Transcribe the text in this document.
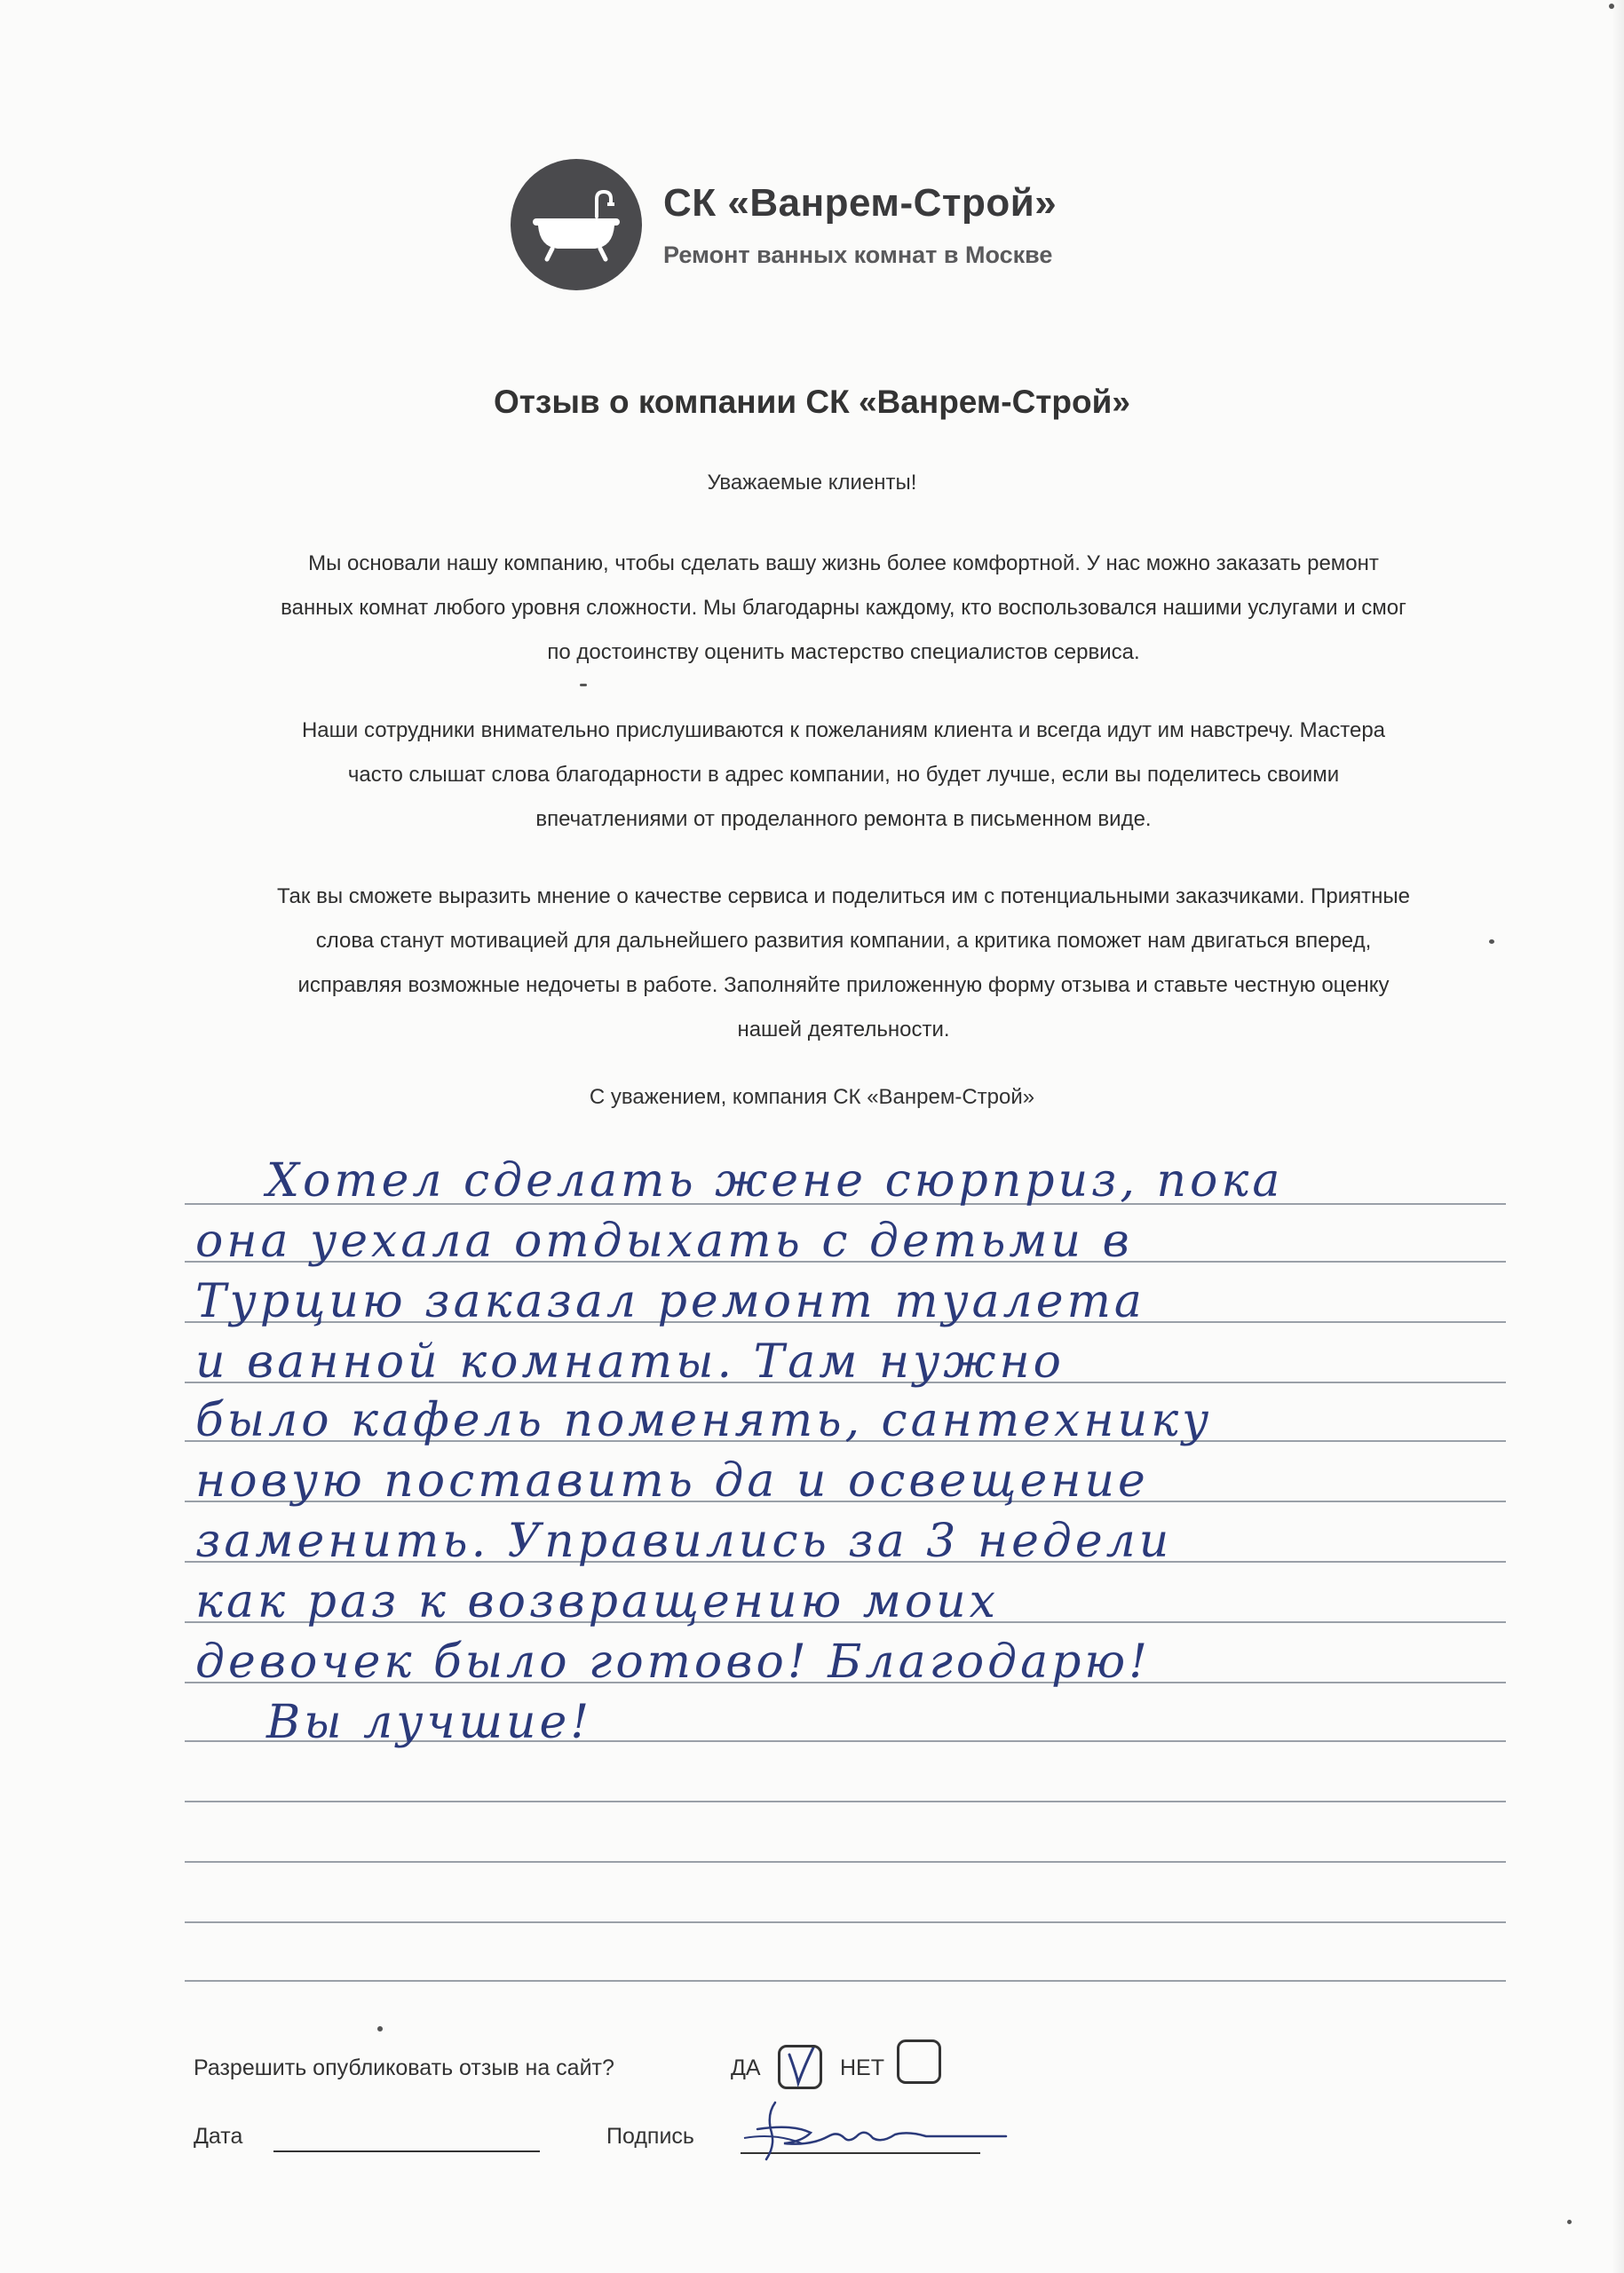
СК «Ванрем-Строй»
Ремонт ванных комнат в Москве
Отзыв о компании СК «Ванрем-Строй»
Уважаемые клиенты!
Мы основали нашу компанию, чтобы сделать вашу жизнь более комфортной. У нас можно заказать ремонт
ванных комнат любого уровня сложности. Мы благодарны каждому, кто воспользовался нашими услугами и смог
по достоинству оценить мастерство специалистов сервиса.
Наши сотрудники внимательно прислушиваются к пожеланиям клиента и всегда идут им навстречу. Мастера
часто слышат слова благодарности в адрес компании, но будет лучше, если вы поделитесь своими
впечатлениями от проделанного ремонта в письменном виде.
Так вы сможете выразить мнение о качестве сервиса и поделиться им с потенциальными заказчиками. Приятные
слова станут мотивацией для дальнейшего развития компании, а критика поможет нам двигаться вперед,
исправляя возможные недочеты в работе. Заполняйте приложенную форму отзыва и ставьте честную оценку
нашей деятельности.
С уважением, компания СК «Ванрем-Строй»
Хотел сделать жене сюрприз, пока
она уехала отдыхать с детьми в
Турцию заказал ремонт туалета
и ванной комнаты. Там нужно
было кафель поменять, сантехнику
новую поставить да и освещение
заменить. Управились за 3 недели
как раз к возвращению моих
девочек было готово! Благодарю!
Вы лучшие!
Разрешить опубликовать отзыв на сайт?	ДА	НЕТ
Дата	Подпись
